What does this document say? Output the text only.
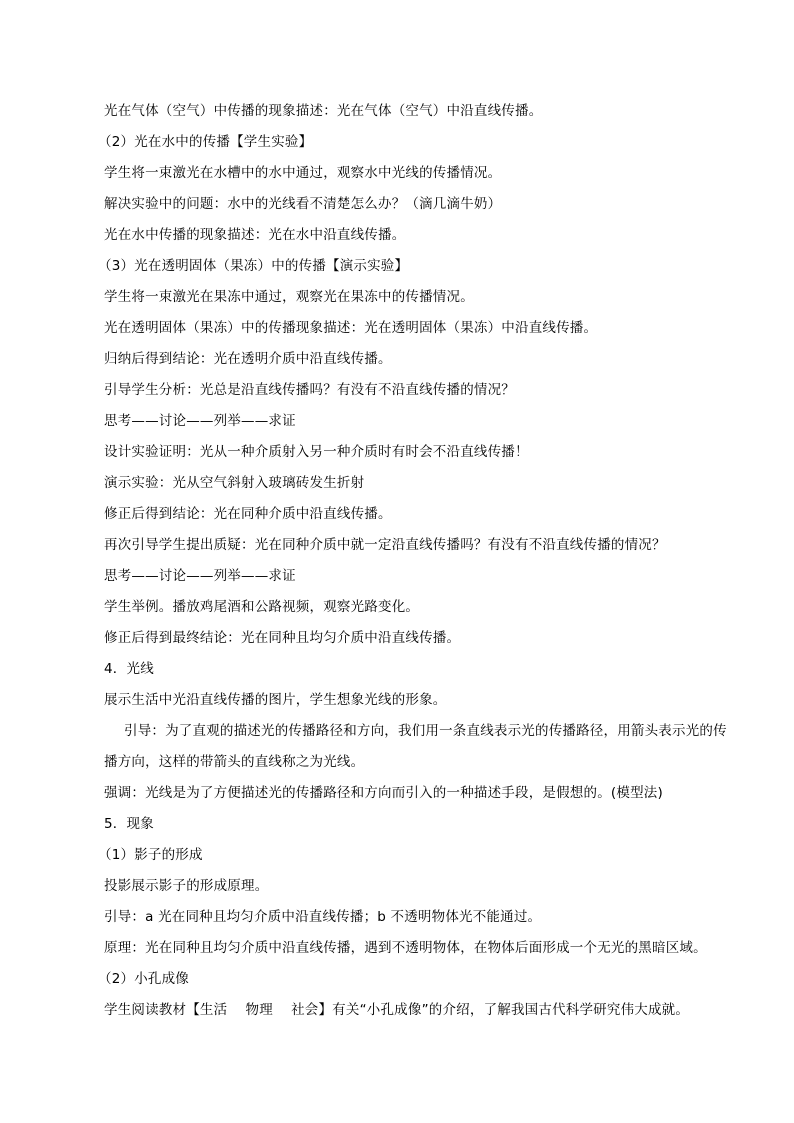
光在气体（空气）中传播的现象描述：光在气体（空气）中沿直线传播。
（2）光在水中的传播【学生实验】
学生将一束激光在水槽中的水中通过，观察水中光线的传播情况。
解决实验中的问题：水中的光线看不清楚怎么办？（滴几滴牛奶）
光在水中传播的现象描述：光在水中沿直线传播。
（3）光在透明固体（果冻）中的传播【演示实验】
学生将一束激光在果冻中通过，观察光在果冻中的传播情况。
光在透明固体（果冻）中的传播现象描述：光在透明固体（果冻）中沿直线传播。
归纳后得到结论：光在透明介质中沿直线传播。
引导学生分析：光总是沿直线传播吗？有没有不沿直线传播的情况？
思考——讨论——列举——求证
设计实验证明：光从一种介质射入另一种介质时有时会不沿直线传播！
演示实验：光从空气斜射入玻璃砖发生折射
修正后得到结论：光在同种介质中沿直线传播。
再次引导学生提出质疑：光在同种介质中就一定沿直线传播吗？有没有不沿直线传播的情况？
思考——讨论——列举——求证
学生举例。播放鸡尾酒和公路视频，观察光路变化。
修正后得到最终结论：光在同种且均匀介质中沿直线传播。
4．光线
展示生活中光沿直线传播的图片，学生想象光线的形象。
引导：为了直观的描述光的传播路径和方向，我们用一条直线表示光的传播路径，用箭头表示光的传
播方向，这样的带箭头的直线称之为光线。
强调：光线是为了方便描述光的传播路径和方向而引入的一种描述手段，是假想的。(模型法)
5．现象
（1）影子的形成
投影展示影子的形成原理。
引导：a 光在同种且均匀介质中沿直线传播；b 不透明物体光不能通过。
原理：光在同种且均匀介质中沿直线传播，遇到不透明物体，在物体后面形成一个无光的黑暗区域。
（2）小孔成像
学生阅读教材【生活　 物理　 社会】有关“小孔成像”的介绍，了解我国古代科学研究伟大成就。
